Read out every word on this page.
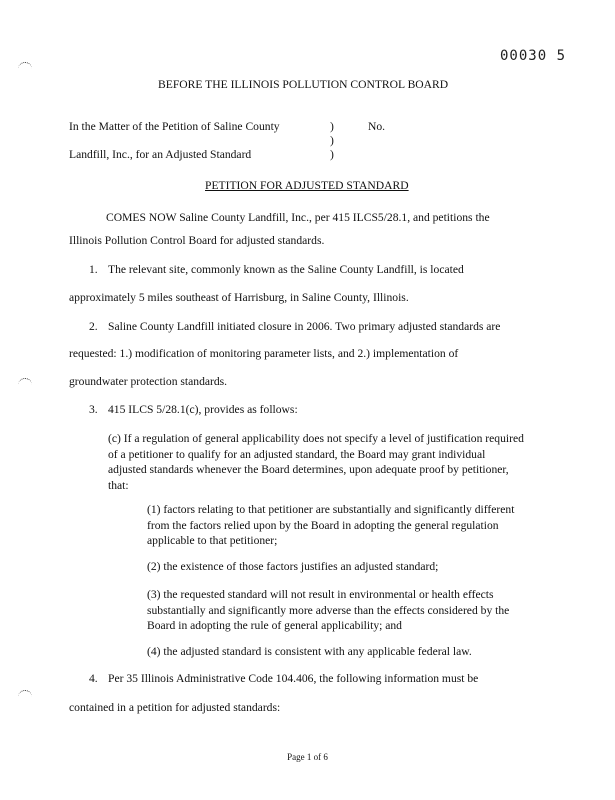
00030 5
BEFORE THE ILLINOIS POLLUTION CONTROL BOARD
In the Matter of the Petition of Saline County
Landfill, Inc., for an Adjusted Standard
)
)
)
No.
PETITION FOR ADJUSTED STANDARD
COMES NOW Saline County Landfill, Inc., per 415 ILCS5/28.1, and petitions the
Illinois Pollution Control Board for adjusted standards.
1. The relevant site, commonly known as the Saline County Landfill, is located
approximately 5 miles southeast of Harrisburg, in Saline County, Illinois.
2. Saline County Landfill initiated closure in 2006. Two primary adjusted standards are
requested: 1.) modification of monitoring parameter lists, and 2.) implementation of
groundwater protection standards.
3. 415 ILCS 5/28.1(c), provides as follows:
(c) If a regulation of general applicability does not specify a level of justification required
of a petitioner to qualify for an adjusted standard, the Board may grant individual
adjusted standards whenever the Board determines, upon adequate proof by petitioner,
that:
(1) factors relating to that petitioner are substantially and significantly different
from the factors relied upon by the Board in adopting the general regulation
applicable to that petitioner;
(2) the existence of those factors justifies an adjusted standard;
(3) the requested standard will not result in environmental or health effects
substantially and significantly more adverse than the effects considered by the
Board in adopting the rule of general applicability; and
(4) the adjusted standard is consistent with any applicable federal law.
4. Per 35 Illinois Administrative Code 104.406, the following information must be
contained in a petition for adjusted standards:
Page 1 of 6
